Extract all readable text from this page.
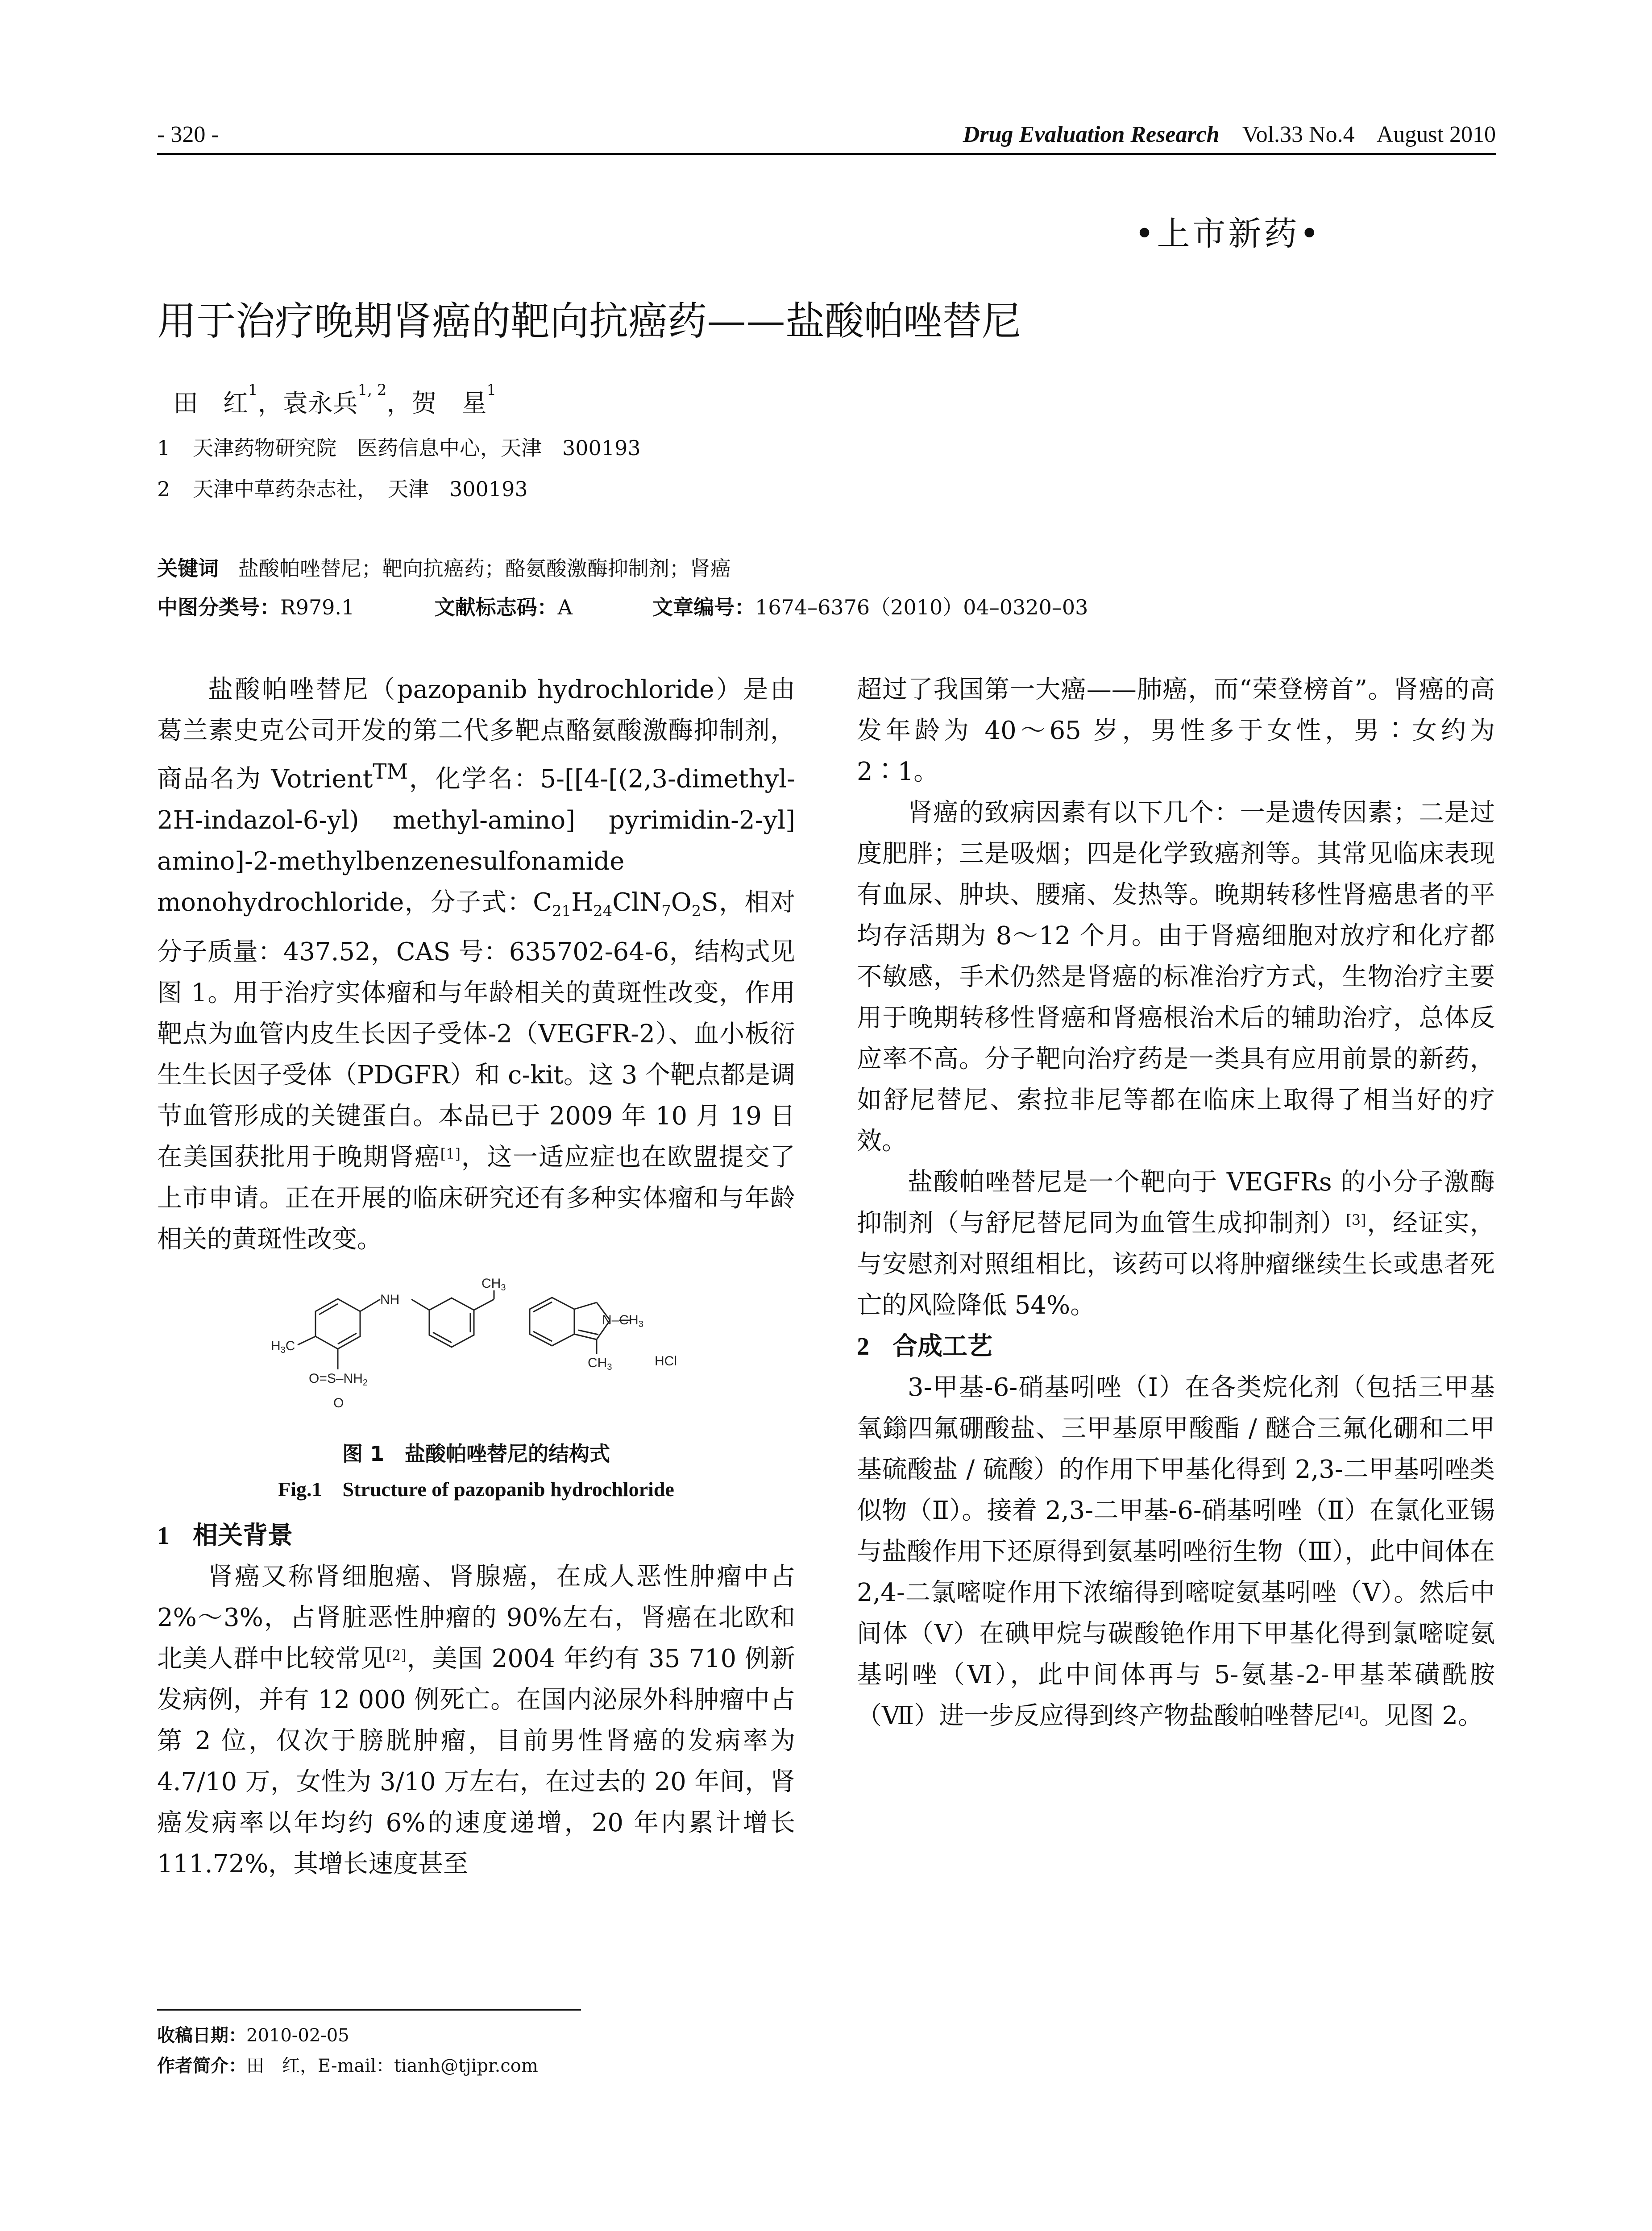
- 320 -	Drug Evaluation Research Vol.33 No.4 August 2010
•上市新药•
用于治疗晚期肾癌的靶向抗癌药——盐酸帕唑替尼
田　红$^1$，袁永兵$^{1, 2}$，贺　星$^1$
1 天津药物研究院　医药信息中心，天津　300193
2 天津中草药杂志社，　天津　300193
关键词 盐酸帕唑替尼；靶向抗癌药；酪氨酸激酶抑制剂；肾癌
中图分类号：R979.1	文献标志码：A	文章编号：1674–6376（2010）04–0320–03

盐酸帕唑替尼（pazopanib hydrochloride）是由葛兰素史克公司开发的第二代多靶点酪氨酸激酶抑制剂，商品名为 Votrient™，化学名：5-[[4-[(2,3-dimethyl-2H-indazol-6-yl) methyl-amino] pyrimidin-2-yl] amino]-2-methylbenzenesulfonamide monohydrochloride，分子式：$C_{21}H_{24}ClN_7O_2S$，相对分子质量：437.52，CAS 号：635702-64-6，结构式见图 1。用于治疗实体瘤和与年龄相关的黄斑性改变，作用靶点为血管内皮生长因子受体-2（VEGFR-2）、血小板衍生生长因子受体（PDGFR）和 c-kit。这 3 个靶点都是调节血管形成的关键蛋白。本品已于 2009 年 10 月 19 日在美国获批用于晚期肾癌[1]，这一适应症也在欧盟提交了上市申请。正在开展的临床研究还有多种实体瘤和与年龄相关的黄斑性改变。

NH
$CH_3$
$N-CH_3$
$CH_3$
$H_3C$
$O=S-NH_2$
O
HCl
图 1　盐酸帕唑替尼的结构式
Fig.1　Structure of pazopanib hydrochloride
1 相关背景

肾癌又称肾细胞癌、肾腺癌，在成人恶性肿瘤中占 2%～3%，占肾脏恶性肿瘤的 90%左右，肾癌在北欧和北美人群中比较常见[2]，美国 2004 年约有 35 710 例新发病例，并有 12 000 例死亡。在国内泌尿外科肿瘤中占第 2 位，仅次于膀胱肿瘤，目前男性肾癌的发病率为 4.7/10 万，女性为 3/10 万左右，在过去的 20 年间，肾癌发病率以年均约 6%的速度递增，20 年内累计增长 111.72%，其增长速度甚至

超过了我国第一大癌——肺癌，而“荣登榜首”。肾癌的高发年龄为 40～65 岁，男性多于女性，男∶女约为 2∶1。

肾癌的致病因素有以下几个：一是遗传因素；二是过度肥胖；三是吸烟；四是化学致癌剂等。其常见临床表现有血尿、肿块、腰痛、发热等。晚期转移性肾癌患者的平均存活期为 8～12 个月。由于肾癌细胞对放疗和化疗都不敏感，手术仍然是肾癌的标准治疗方式，生物治疗主要用于晚期转移性肾癌和肾癌根治术后的辅助治疗，总体反应率不高。分子靶向治疗药是一类具有应用前景的新药，如舒尼替尼、索拉非尼等都在临床上取得了相当好的疗效。

盐酸帕唑替尼是一个靶向于 VEGFRs 的小分子激酶抑制剂（与舒尼替尼同为血管生成抑制剂）[3]，经证实，与安慰剂对照组相比，该药可以将肿瘤继续生长或患者死亡的风险降低 54%。

2 合成工艺

3-甲基-6-硝基吲唑（Ⅰ）在各类烷化剂（包括三甲基氧鎓四氟硼酸盐、三甲基原甲酸酯 / 醚合三氟化硼和二甲基硫酸盐 / 硫酸）的作用下甲基化得到 2,3-二甲基吲唑类似物（Ⅱ）。接着 2,3-二甲基-6-硝基吲唑（Ⅱ）在氯化亚锡与盐酸作用下还原得到氨基吲唑衍生物（Ⅲ），此中间体在 2,4-二氯嘧啶作用下浓缩得到嘧啶氨基吲唑（Ⅴ）。然后中间体（Ⅴ）在碘甲烷与碳酸铯作用下甲基化得到氯嘧啶氨基吲唑（Ⅵ），此中间体再与 5-氨基-2-甲基苯磺酰胺（Ⅶ）进一步反应得到终产物盐酸帕唑替尼[4]。见图 2。

收稿日期：2010-02-05
作者简介：田　红，E-mail：tianh@tjipr.com
